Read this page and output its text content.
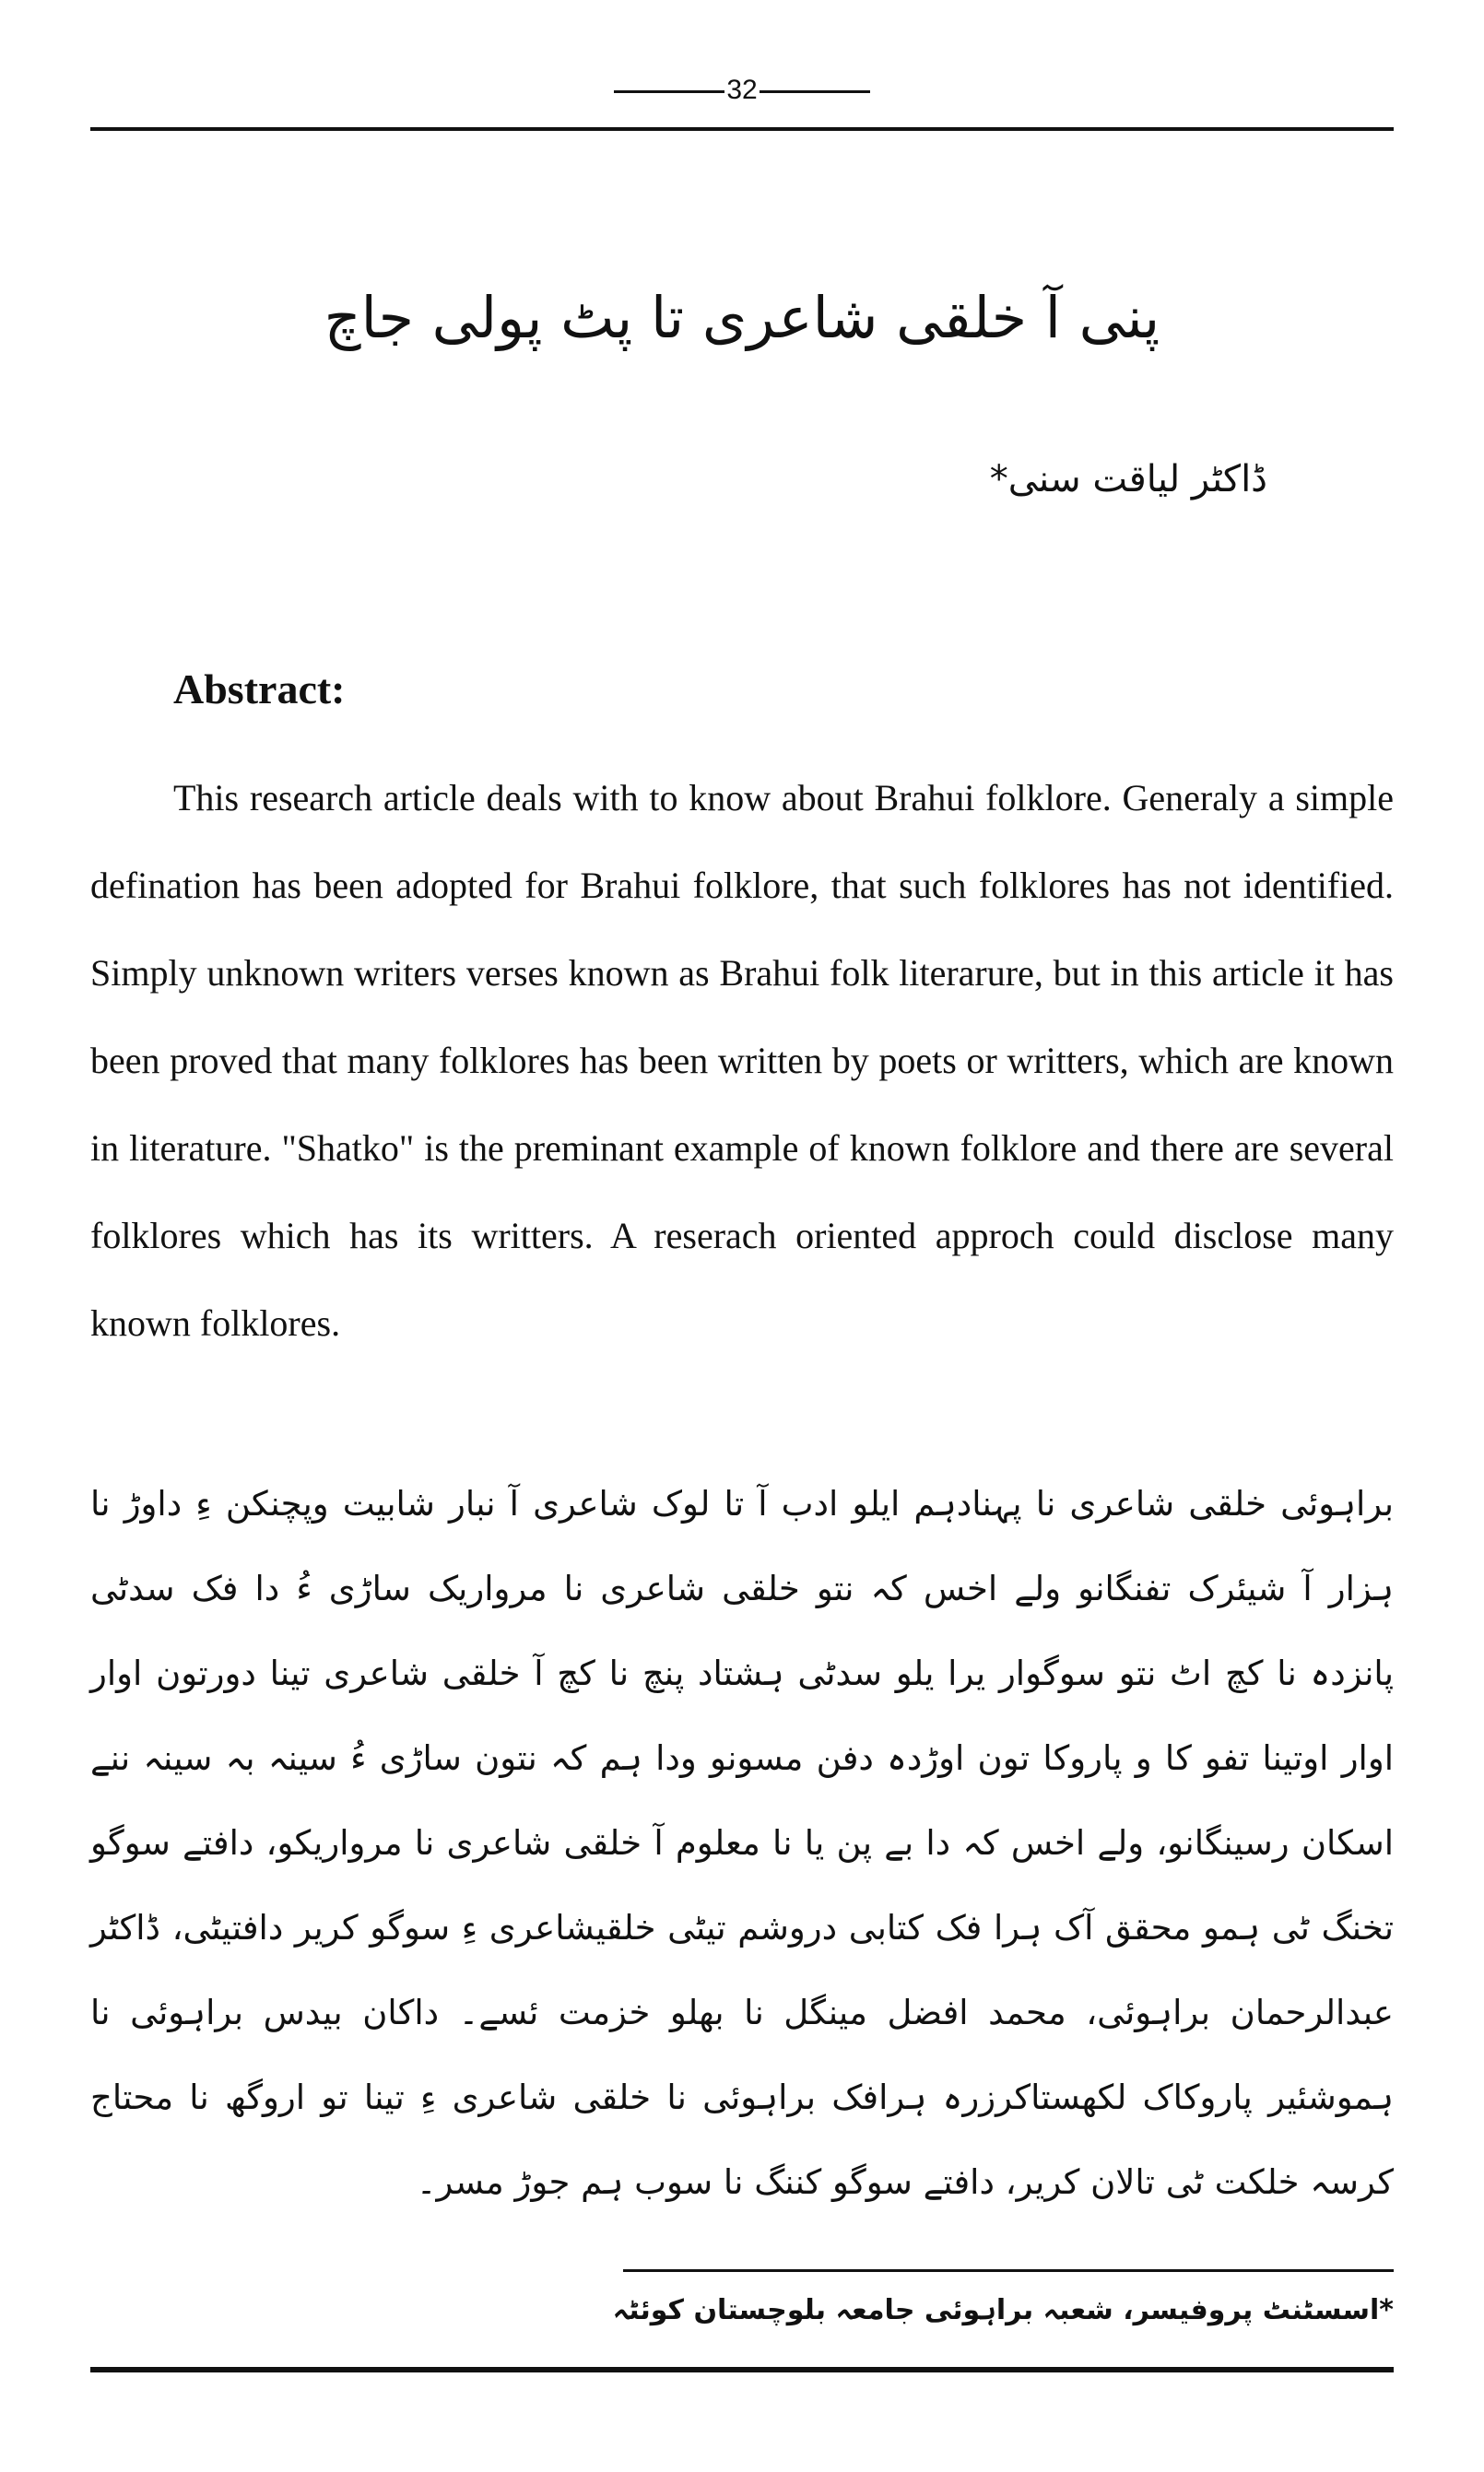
32
پنی آ خلقی شاعری تا پٹ پولی جاچ
ڈاکٹر لیاقت سنی*
Abstract:

This research article deals with to know about Brahui folklore. Generaly a simple defination has been adopted for Brahui folklore, that such folklores has not identified. Simply unknown writers verses known as Brahui folk literarure, but in this article it has been proved that many folklores has been written by poets or writters, which are known in literature. "Shatko" is the preminant example of known folklore and there are several folklores which has its writters. A reserach oriented approch could disclose many known folklores.

براہوئی خلقی شاعری نا پہنادہم ایلو ادب آ تا لوک شاعری آ نبار شابیت وپچنکن ءِ داوڑ نا ہزار آ شیئرک تفنگانو ولے اخس کہ نتو خلقی شاعری نا مرواریک ساڑی ءُ دا فک سدٹی پانزدہ نا کچ اٹ نتو سوگوار یرا یلو سدٹی ہشتاد پنچ نا کچ آ خلقی شاعری تینا دورتون اوار اوار اوتینا تفو کا و پاروکا تون اوڑدہ دفن مسونو ودا ہم کہ نتون ساڑی ءُ سینہ بہ سینہ ننے اسکان رسینگانو، ولے اخس کہ دا بے پن یا نا معلوم آ خلقی شاعری نا مرواریکو، دافتے سوگو تخنگ ٹی ہمو محقق آک ہرا فک کتابی دروشم تیٹی خلقیشاعری ءِ سوگو کریر دافتیٹی، ڈاکٹر عبدالرحمان براہوئی، محمد افضل مینگل نا بھلو خزمت ئسے۔ داکان بیدس براہوئی نا ہموشئیر پاروکاک لکھستاکرزرہ ہرافک براہوئی نا خلقی شاعری ءِ تینا تو اروگھ نا محتاج کرسہ خلکت ٹی تالان کریر، دافتے سوگو کننگ نا سوب ہم جوڑ مسر۔

*اسسٹنٹ پروفیسر، شعبہ براہوئی جامعہ بلوچستان کوئٹہ
